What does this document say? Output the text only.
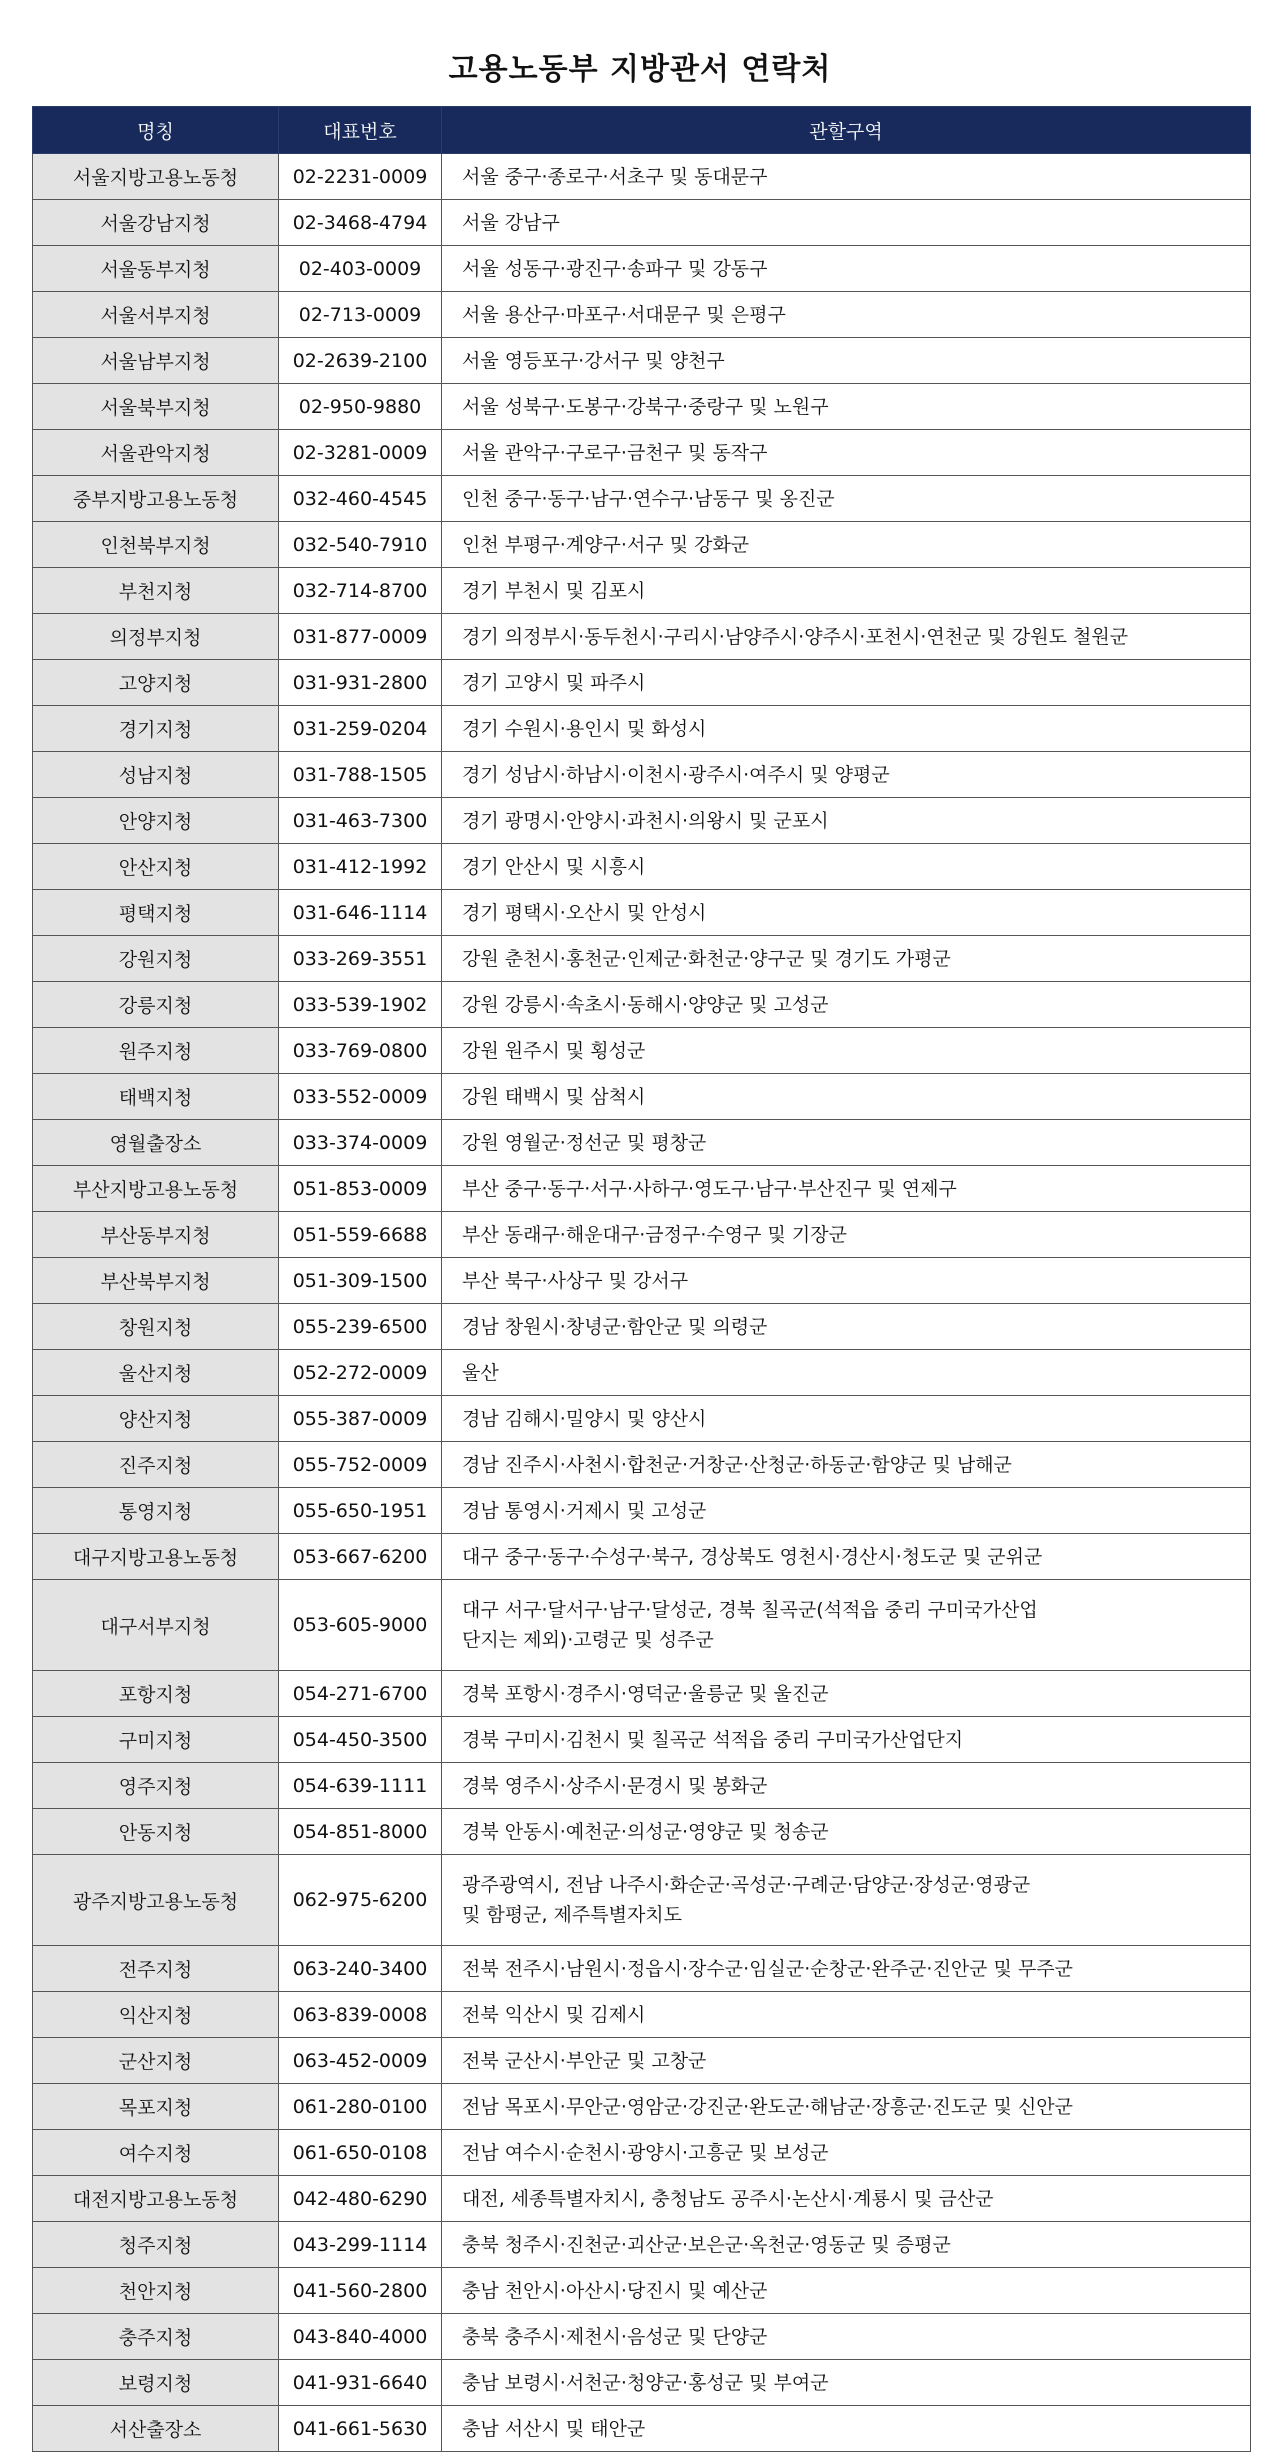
고용노동부 지방관서 연락처
명칭	대표번호	관할구역
서울지방고용노동청	02-2231-0009	서울 중구·종로구·서초구 및 동대문구
서울강남지청	02-3468-4794	서울 강남구
서울동부지청	02-403-0009	서울 성동구·광진구·송파구 및 강동구
서울서부지청	02-713-0009	서울 용산구·마포구·서대문구 및 은평구
서울남부지청	02-2639-2100	서울 영등포구·강서구 및 양천구
서울북부지청	02-950-9880	서울 성북구·도봉구·강북구·중랑구 및 노원구
서울관악지청	02-3281-0009	서울 관악구·구로구·금천구 및 동작구
중부지방고용노동청	032-460-4545	인천 중구·동구·남구·연수구·남동구 및 옹진군
인천북부지청	032-540-7910	인천 부평구·계양구·서구 및 강화군
부천지청	032-714-8700	경기 부천시 및 김포시
의정부지청	031-877-0009	경기 의정부시·동두천시·구리시·남양주시·양주시·포천시·연천군 및 강원도 철원군
고양지청	031-931-2800	경기 고양시 및 파주시
경기지청	031-259-0204	경기 수원시·용인시 및 화성시
성남지청	031-788-1505	경기 성남시·하남시·이천시·광주시·여주시 및 양평군
안양지청	031-463-7300	경기 광명시·안양시·과천시·의왕시 및 군포시
안산지청	031-412-1992	경기 안산시 및 시흥시
평택지청	031-646-1114	경기 평택시·오산시 및 안성시
강원지청	033-269-3551	강원 춘천시·홍천군·인제군·화천군·양구군 및 경기도 가평군
강릉지청	033-539-1902	강원 강릉시·속초시·동해시·양양군 및 고성군
원주지청	033-769-0800	강원 원주시 및 횡성군
태백지청	033-552-0009	강원 태백시 및 삼척시
영월출장소	033-374-0009	강원 영월군·정선군 및 평창군
부산지방고용노동청	051-853-0009	부산 중구·동구·서구·사하구·영도구·남구·부산진구 및 연제구
부산동부지청	051-559-6688	부산 동래구·해운대구·금정구·수영구 및 기장군
부산북부지청	051-309-1500	부산 북구·사상구 및 강서구
창원지청	055-239-6500	경남 창원시·창녕군·함안군 및 의령군
울산지청	052-272-0009	울산
양산지청	055-387-0009	경남 김해시·밀양시 및 양산시
진주지청	055-752-0009	경남 진주시·사천시·합천군·거창군·산청군·하동군·함양군 및 남해군
통영지청	055-650-1951	경남 통영시·거제시 및 고성군
대구지방고용노동청	053-667-6200	대구 중구·동구·수성구·북구, 경상북도 영천시·경산시·청도군 및 군위군
대구서부지청	053-605-9000	대구 서구·달서구·남구·달성군, 경북 칠곡군(석적읍 중리 구미국가산업
단지는 제외)·고령군 및 성주군

포항지청	054-271-6700	경북 포항시·경주시·영덕군·울릉군 및 울진군
구미지청	054-450-3500	경북 구미시·김천시 및 칠곡군 석적읍 중리 구미국가산업단지
영주지청	054-639-1111	경북 영주시·상주시·문경시 및 봉화군
안동지청	054-851-8000	경북 안동시·예천군·의성군·영양군 및 청송군
광주지방고용노동청	062-975-6200	광주광역시, 전남 나주시·화순군·곡성군·구례군·담양군·장성군·영광군
및 함평군, 제주특별자치도

전주지청	063-240-3400	전북 전주시·남원시·정읍시·장수군·임실군·순창군·완주군·진안군 및 무주군
익산지청	063-839-0008	전북 익산시 및 김제시
군산지청	063-452-0009	전북 군산시·부안군 및 고창군
목포지청	061-280-0100	전남 목포시·무안군·영암군·강진군·완도군·해남군·장흥군·진도군 및 신안군
여수지청	061-650-0108	전남 여수시·순천시·광양시·고흥군 및 보성군
대전지방고용노동청	042-480-6290	대전, 세종특별자치시, 충청남도 공주시·논산시·계룡시 및 금산군
청주지청	043-299-1114	충북 청주시·진천군·괴산군·보은군·옥천군·영동군 및 증평군
천안지청	041-560-2800	충남 천안시·아산시·당진시 및 예산군
충주지청	043-840-4000	충북 충주시·제천시·음성군 및 단양군
보령지청	041-931-6640	충남 보령시·서천군·청양군·홍성군 및 부여군
서산출장소	041-661-5630	충남 서산시 및 태안군
